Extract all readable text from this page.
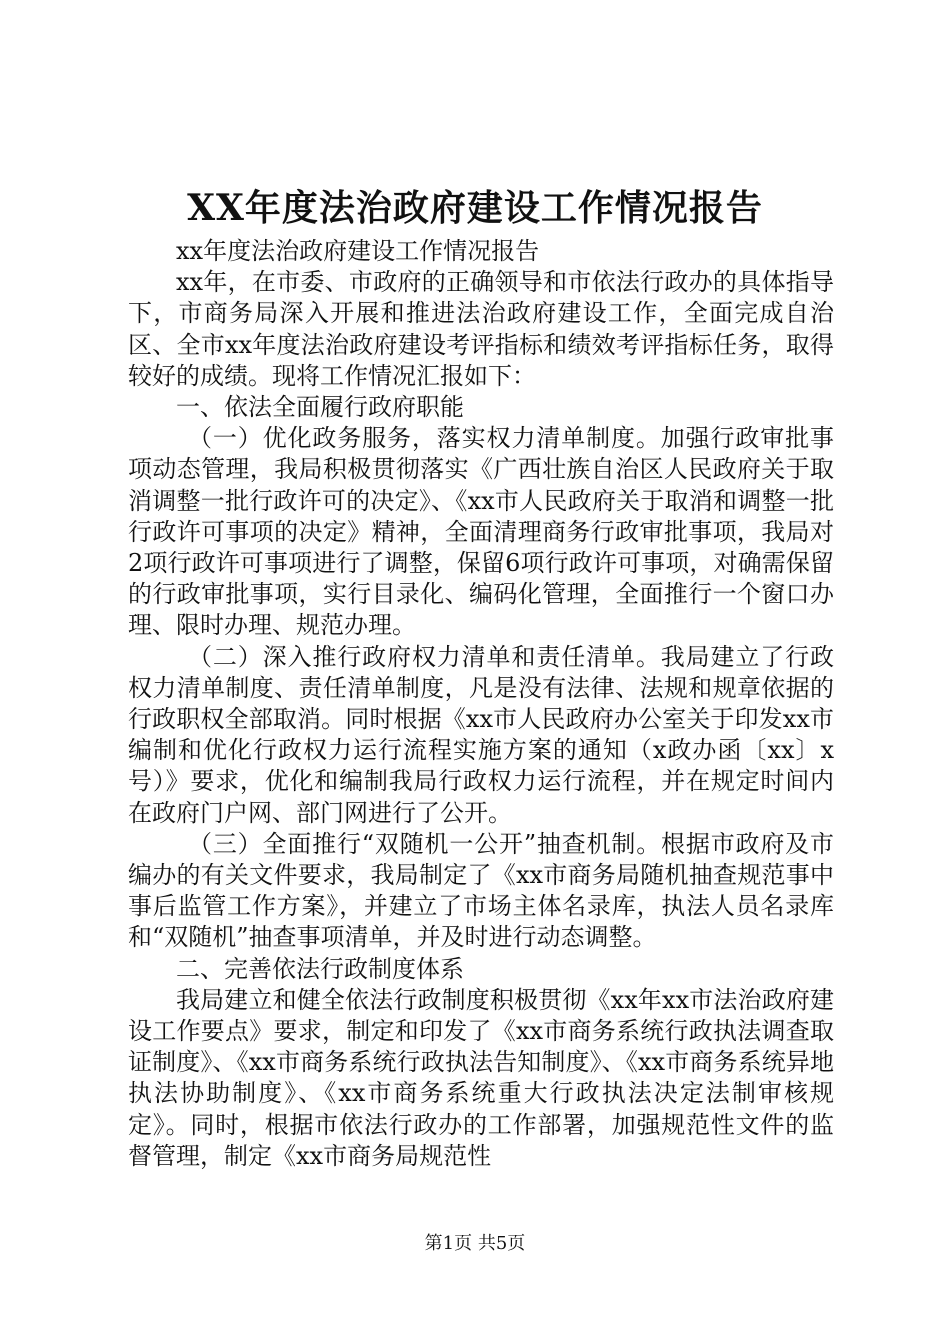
XX年度法治政府建设工作情况报告

xx年度法治政府建设工作情况报告

xx年，在市委、市政府的正确领导和市依法行政办的具体指导下，市商务局深入开展和推进法治政府建设工作，全面完成自治区、全市xx年度法治政府建设考评指标和绩效考评指标任务，取得较好的成绩。现将工作情况汇报如下：

一、依法全面履行政府职能

（一）优化政务服务，落实权力清单制度。加强行政审批事项动态管理，我局积极贯彻落实《广西壮族自治区人民政府关于取消调整一批行政许可的决定》、《xx市人民政府关于取消和调整一批行政许可事项的决定》精神，全面清理商务行政审批事项，我局对2项行政许可事项进行了调整，保留6项行政许可事项，对确需保留的行政审批事项，实行目录化、编码化管理，全面推行一个窗口办理、限时办理、规范办理。

（二）深入推行政府权力清单和责任清单。我局建立了行政权力清单制度、责任清单制度，凡是没有法律、法规和规章依据的行政职权全部取消。同时根据《xx市人民政府办公室关于印发xx市编制和优化行政权力运行流程实施方案的通知（x政办函〔xx〕x号）》要求，优化和编制我局行政权力运行流程，并在规定时间内在政府门户网、部门网进行了公开。

（三）全面推行“双随机一公开”抽查机制。根据市政府及市编办的有关文件要求，我局制定了《xx市商务局随机抽查规范事中事后监管工作方案》，并建立了市场主体名录库，执法人员名录库和“双随机”抽查事项清单，并及时进行动态调整。

二、完善依法行政制度体系

我局建立和健全依法行政制度积极贯彻《xx年xx市法治政府建设工作要点》要求，制定和印发了《xx市商务系统行政执法调查取证制度》、《xx市商务系统行政执法告知制度》、《xx市商务系统异地执法协助制度》、《xx市商务系统重大行政执法决定法制审核规定》。同时，根据市依法行政办的工作部署，加强规范性文件的监督管理，制定《xx市商务局规范性

第1页 共5页
